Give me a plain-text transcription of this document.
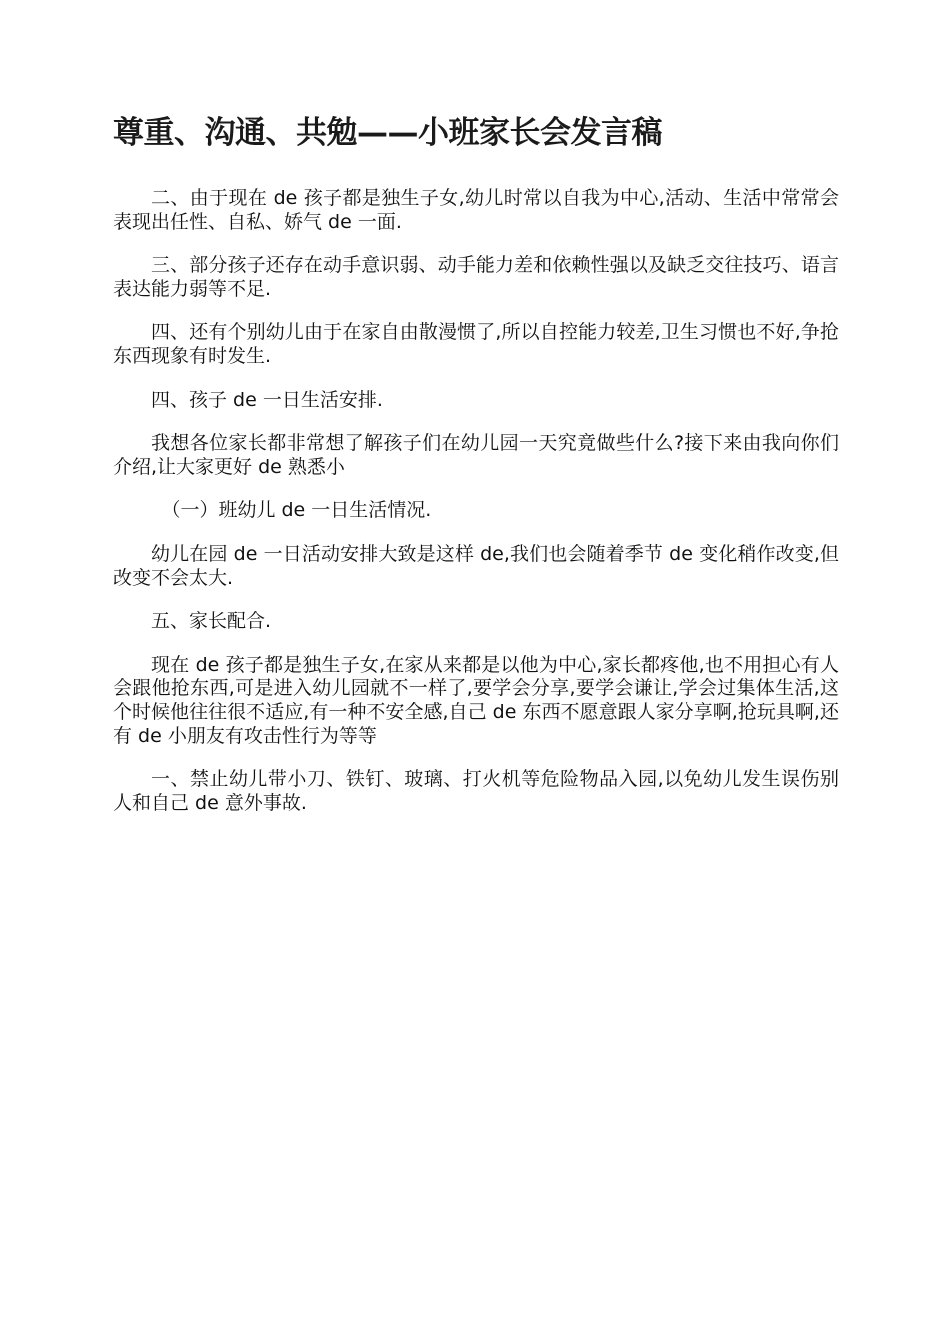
尊重、沟通、共勉——小班家长会发言稿

二、由于现在 de 孩子都是独生子女,幼儿时常以自我为中心,活动、生活中常常会表现出任性、自私、娇气 de 一面.

三、部分孩子还存在动手意识弱、动手能力差和依赖性强以及缺乏交往技巧、语言表达能力弱等不足.

四、还有个别幼儿由于在家自由散漫惯了,所以自控能力较差,卫生习惯也不好,争抢东西现象有时发生.

四、孩子 de 一日生活安排.

我想各位家长都非常想了解孩子们在幼儿园一天究竟做些什么?接下来由我向你们介绍,让大家更好 de 熟悉小

（一）班幼儿 de 一日生活情况.

幼儿在园 de 一日活动安排大致是这样 de,我们也会随着季节 de 变化稍作改变,但改变不会太大.

五、家长配合.

现在 de 孩子都是独生子女,在家从来都是以他为中心,家长都疼他,也不用担心有人会跟他抢东西,可是进入幼儿园就不一样了,要学会分享,要学会谦让,学会过集体生活,这个时候他往往很不适应,有一种不安全感,自己 de 东西不愿意跟人家分享啊,抢玩具啊,还有 de 小朋友有攻击性行为等等

一、禁止幼儿带小刀、铁钉、玻璃、打火机等危险物品入园,以免幼儿发生误伤别人和自己 de 意外事故.
